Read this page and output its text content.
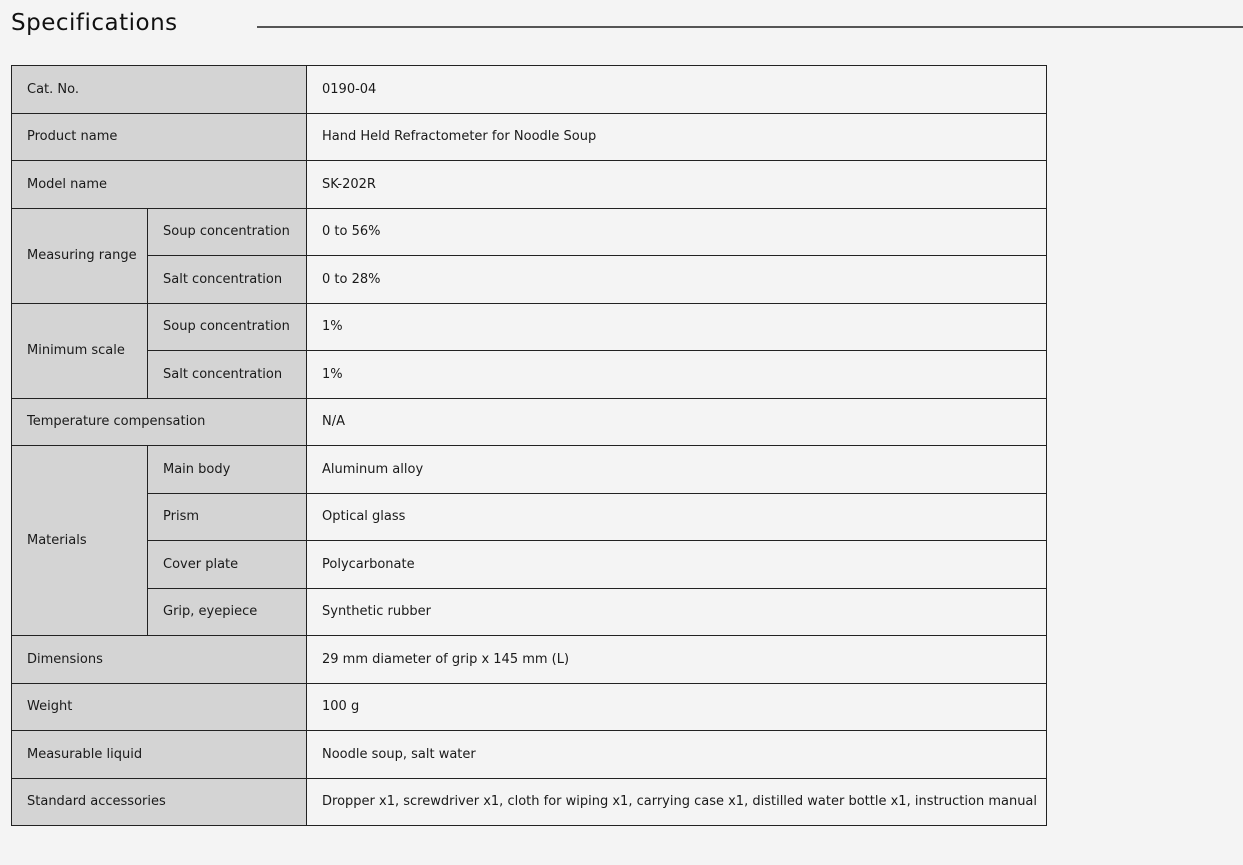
Specifications
Cat. No.		0190-04
Product name		Hand Held Refractometer for Noodle Soup
Model name		SK-202R
Measuring range	Soup concentration	0 to 56%
	Salt concentration	0 to 28%
Minimum scale	Soup concentration	1%
	Salt concentration	1%
Temperature compensation		N/A
Materials	Main body	Aluminum alloy
	Prism	Optical glass
	Cover plate	Polycarbonate
	Grip, eyepiece	Synthetic rubber
Dimensions		29 mm diameter of grip x 145 mm (L)
Weight		100 g
Measurable liquid		Noodle soup, salt water
Standard accessories		Dropper x1, screwdriver x1, cloth for wiping x1, carrying case x1, distilled water bottle x1, instruction manual
